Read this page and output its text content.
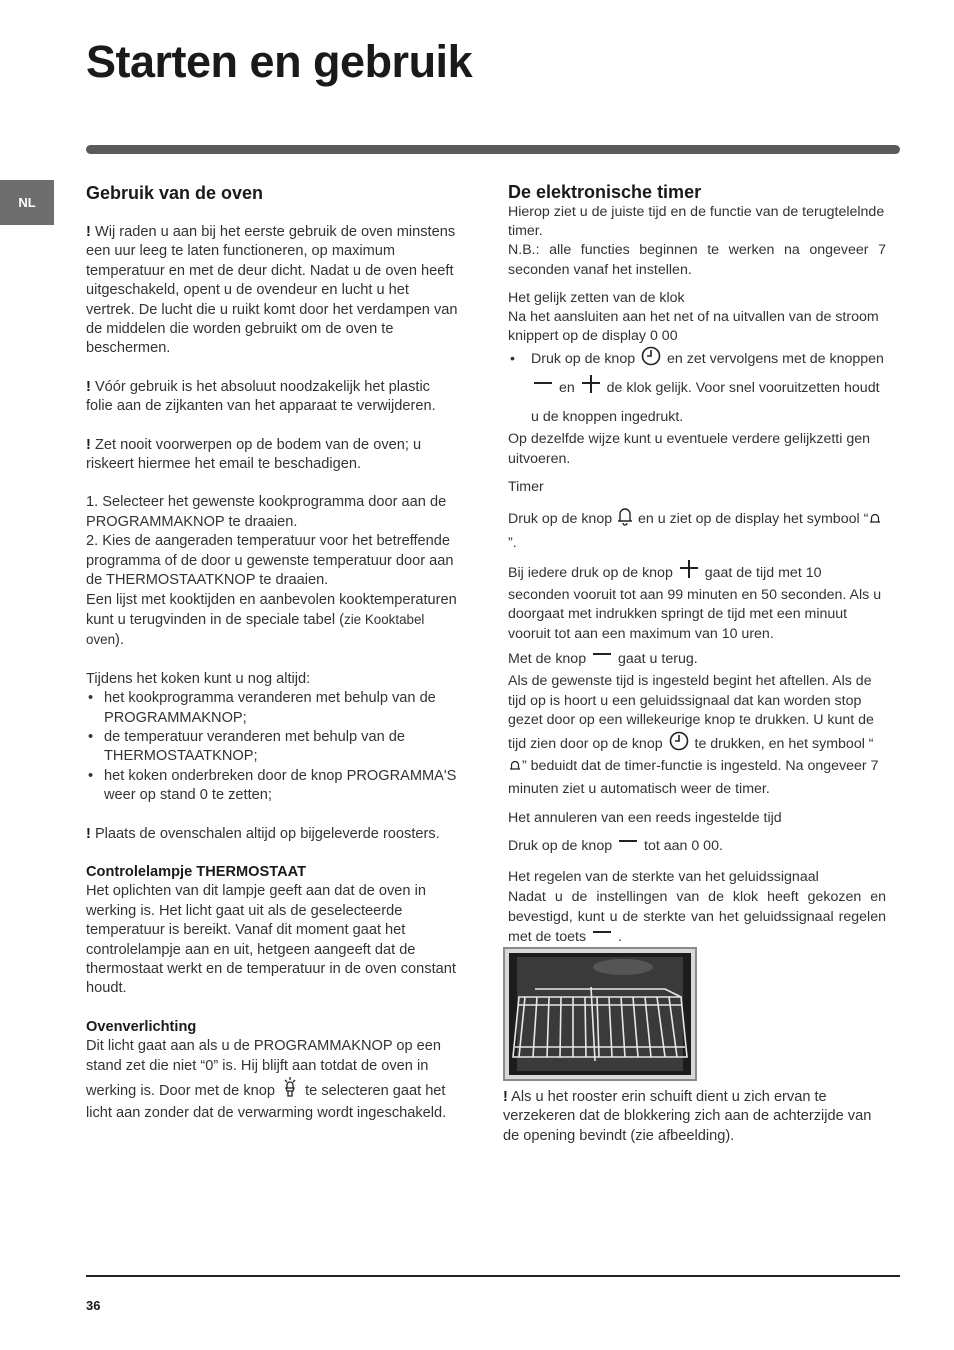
Starten en gebruik
NL	Gebruik van de oven

! Wij raden u aan bij het eerste gebruik de oven minstens een uur leeg te laten functioneren, op maximum temperatuur en met de deur dicht. Nadat u de oven heeft uitgeschakeld, opent u de ovendeur en lucht u het vertrek. De lucht die u ruikt komt door het verdampen van de middelen die worden gebruikt om de oven te beschermen.

! Vóór gebruik is het absoluut noodzakelijk het plastic folie aan de zijkanten van het apparaat te verwijderen.

! Zet nooit voorwerpen op de bodem van de oven; u riskeert hiermee het email te beschadigen.

1. Selecteer het gewenste kookprogramma door aan de PROGRAMMAKNOP te draaien.

2. Kies de aangeraden temperatuur voor het betreffende programma of de door u gewenste temperatuur door aan de THERMOSTAATKNOP te draaien.

Een lijst met kooktijden en aanbevolen kooktemperaturen kunt u terugvinden in de speciale tabel (zie Kooktabel oven).

Tijdens het koken kunt u nog altijd:

• het kookprogramma veranderen met behulp van de PROGRAMMAKNOP;
• de temperatuur veranderen met behulp van de THERMOSTAATKNOP;
• het koken onderbreken door de knop PROGRAMMA'S weer op stand 0 te zetten;

! Plaats de ovenschalen altijd op bijgeleverde roosters.

Controlelampje THERMOSTAAT

Het oplichten van dit lampje geeft aan dat de oven in werking is. Het licht gaat uit als de geselecteerde temperatuur is bereikt. Vanaf dit moment gaat het controlelampje aan en uit, hetgeen aangeeft dat de thermostaat werkt en de temperatuur in de oven constant houdt.

Ovenverlichting

Dit licht gaat aan als u de PROGRAMMAKNOP op een stand zet die niet “0” is. Hij blijft aan totdat de oven in werking is. Door met de knop te selecteren gaat het licht aan zonder dat de verwarming wordt ingeschakeld.

De elektronische timer

Hierop ziet u de juiste tijd en de functie van de terugtelelnde timer.

N.B.: alle functies beginnen te werken na ongeveer 7 seconden vanaf het instellen.

Het gelijk zetten van de klok

Na het aansluiten aan het net of na uitvallen van de stroom knippert op de display 0 00

• Druk op de knop en zet vervolgens met de knoppen  en de klok gelijk. Voor snel vooruitzetten houdt u de knoppen ingedrukt.

Op dezelfde wijze kunt u eventuele verdere gelijkzetti gen uitvoeren.

Timer

Druk op de knop en u ziet op de display het symbool “”.

Bij iedere druk op de knop gaat de tijd met 10 seconden vooruit tot aan 99 minuten en 50 seconden. Als u doorgaat met indrukken springt de tijd met een minuut vooruit tot aan een maximum van 10 uren.

Met de knop gaat u terug.

Als de gewenste tijd is ingesteld begint het aftellen. Als de tijd op is hoort u een geluidssignaal dat kan worden stop gezet door op een willekeurige knop te drukken. U kunt de tijd zien door op de knop te drukken, en het symbool “” beduidt dat de timer-functie is ingesteld. Na ongeveer 7 minuten ziet u automatisch weer de timer.

Het annuleren van een reeds ingestelde tijd

Druk op de knop tot aan 0 00.

Het regelen van de sterkte van het geluidssignaal

Nadat u de instellingen van de klok heeft gekozen en bevestigd, kunt u de sterkte van het geluidssignaal regelen met de toets .

! Als u het rooster erin schuift dient u zich ervan te verzekeren dat de blokkering zich aan de achterzijde van de opening bevindt (zie afbeelding).

36
